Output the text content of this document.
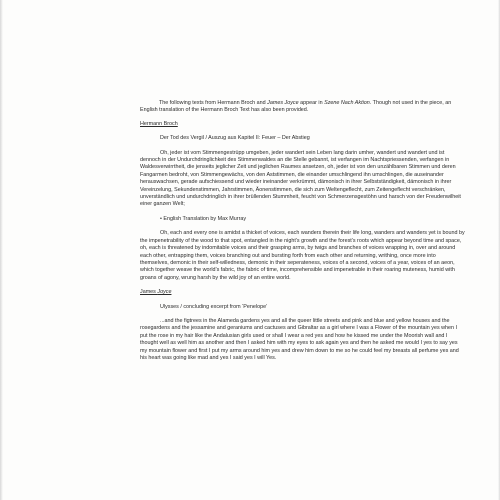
The following texts from Hermann Broch and James Joyce appear in Szene Nach Aktion. Though not used in the piece, an English translation of the Hermann Broch Text has also been provided.

Hermann Broch

Der Tod des Vergil / Auszug aus Kapitel II: Feuer – Der Abstieg

Oh, jeder ist vom Stimmengestrüpp umgeben, jeder wandert sein Leben lang darin umher, wandert und wandert und ist dennoch in der Undurchdringlichkeit des Stimmenwaldes an die Stelle gebannt, ist verfangen im Nachtspriessenden, verfangen in Waldesverwirrtheit, die jenseits jeglicher Zeit und jeglichen Raumes ansetzen, oh, jeder ist von den unzählbaren Stimmen und deren Fangarmen bedroht, von Stimmengewächs, von den Aststimmen, die einander umschlingend ihn umschlingen, die auseinander herauswachsen, gerade aufschiessend und wieder ineinander verkrümmt, dämonisch in ihrer Selbstständigkeit, dämonisch in ihrer Vereinzelung, Sekundenstimmen, Jahrstimmen, Äonenstimmen, die sich zum Weltengeflecht, zum Zeitengeflecht verschränken, unverständlich und undurchdringlich in ihrer brüllenden Stummheit, feucht von Schmerzensgestöhn und harsch von der Freudenwilheit einer ganzen Welt;

• English Translation by Max Murray

Oh, each and every one is amidst a thicket of voices, each wanders therein their life long, wanders and wanders yet is bound by the impenetrability of the wood to that spot, entangled in the night’s growth and the forest’s roots which appear beyond time and space, oh, each is threatened by indomitable voices and their grasping arms, by twigs and branches of voices wrapping in, over and around each other, entrapping them, voices branching out and bursting forth from each other and returning, writhing, once more into themselves, demonic in their self-willedness, demonic in their seperateness, voices of a second, voices of a year, voices of an aeon, which together weave the world’s fabric, the fabric of time, incomprehensible and impenetrable in their roaring muteness, humid with groans of agony, wrung harsh by the wild joy of an entire world.

James Joyce

Ulysses / concluding excerpt from ‘Penelope’

...and the figtrees in the Alameda gardens yes and all the queer little streets and pink and blue and yellow houses and the rosegardens and the jessamine and geraniums and cactuses and Gibraltar as a girl where I was a Flower of the mountain yes when I put the rose in my hair like the Andalusian girls used or shall I wear a red yes and how he kissed me under the Moorish wall and I thought well as well him as another and then I asked him with my eyes to ask again yes and then he asked me would I yes to say yes my mountain flower and first I put my arms around him yes and drew him down to me so he could feel my breasts all perfume yes and his heart was going like mad and yes I said yes I will Yes.
